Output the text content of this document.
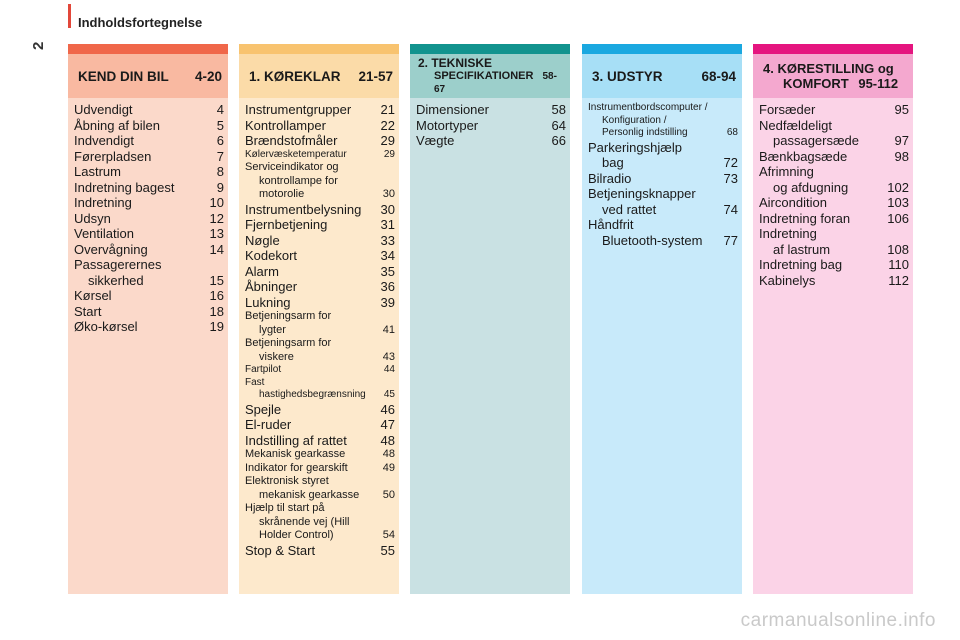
Indholdsfortegnelse
2
KEND DIN BIL 4-20
Udvendigt	4
Åbning af bilen	5
Indvendigt	6
Førerpladsen	7
Lastrum	8
Indretning bagest	9
Indretning	10
Udsyn	12
Ventilation	13
Overvågning	14
Passagerernes
sikkerhed	15
Kørsel	16
Start	18
Øko-kørsel	19
1. KØREKLAR 21-57
Instrumentgrupper	21
Kontrollamper	22
Brændstofmåler	29
Kølervæsketemperatur	29
Serviceindikator og
kontrollampe for
motorolie	30
Instrumentbelysning	30
Fjernbetjening	31
Nøgle	33
Kodekort	34
Alarm	35
Åbninger	36
Lukning	39
Betjeningsarm for
lygter	41
Betjeningsarm for
viskere	43
Fartpilot	44
Fast
hastighedsbegrænsning	45
Spejle	46
El-ruder	47
Indstilling af rattet	48
Mekanisk gearkasse	48
Indikator for gearskift	49
Elektronisk styret
mekanisk gearkasse	50
Hjælp til start på
skrånende vej (Hill
Holder Control)	54
Stop & Start	55
2. TEKNISKE
SPECIFIKATIONER 58-67
Dimensioner	58
Motortyper	64
Vægte	66
3. UDSTYR	68-94
Instrumentbordscomputer /
Konfiguration /
Personlig indstilling	68
Parkeringshjælp
bag	72
Bilradio	73
Betjeningsknapper
ved rattet	74
Håndfrit
Bluetooth-system	77
4. KØRESTILLING og
KOMFORT 95-112
Forsæder	95
Nedfældeligt
passagersæde	97
Bænkbagsæde	98
Afrimning
og afdugning	102
Aircondition	103
Indretning foran	106
Indretning
af lastrum	108
Indretning bag	110
Kabinelys	112
carmanualsonline.info
